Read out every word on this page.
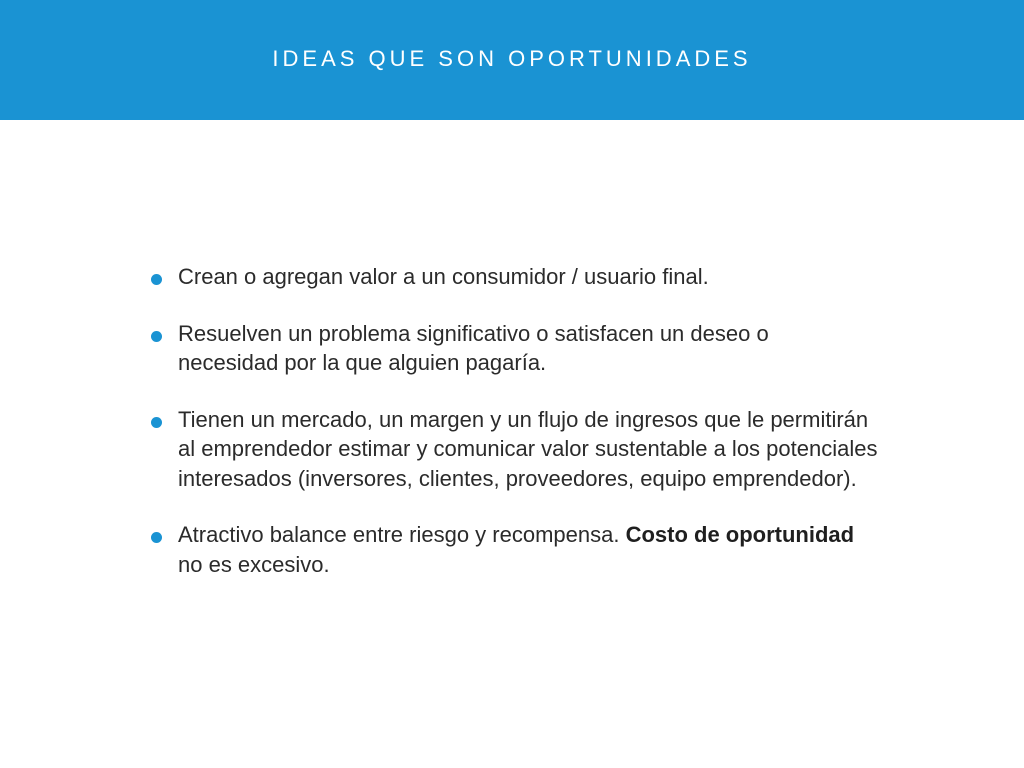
IDEAS QUE SON OPORTUNIDADES
Crean o agregan valor a un consumidor / usuario final.
Resuelven un problema significativo o satisfacen un deseo o necesidad por la que alguien pagaría.
Tienen un mercado, un margen y un flujo de ingresos que le permitirán al emprendedor estimar y comunicar valor sustentable a los potenciales interesados (inversores, clientes, proveedores, equipo emprendedor).
Atractivo balance entre riesgo y recompensa. Costo de oportunidad no es excesivo.
